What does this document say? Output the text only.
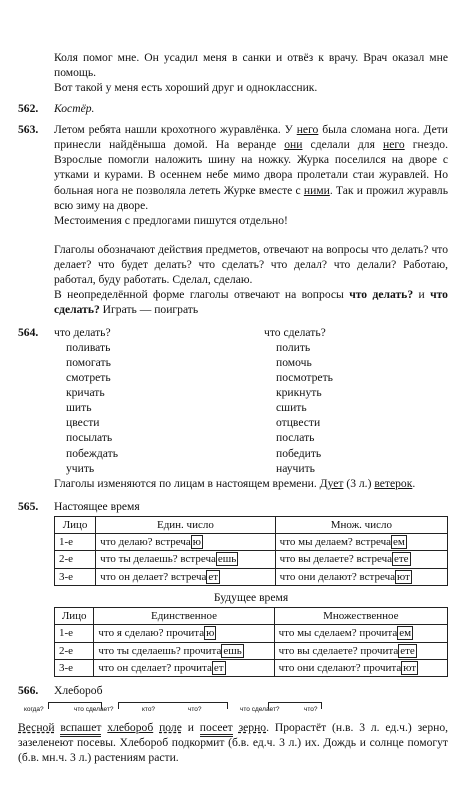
Коля помог мне. Он усадил меня в санки и отвёз к врачу. Врач оказал мне помощь.

Вот такой у меня есть хороший друг и одноклассник.

562. Костёр.
563. Летом ребята нашли крохотного журавлёнка. У него была сломана нога. Дети принесли найдёныша домой. На веранде они сделали для него гнездо. Взрослые помогли наложить шину на ножку. Журка поселился на дворе с утками и курами. В осеннем небе мимо двора пролетали стаи журавлей. Но больная нога не позволяла лететь Журке вместе с ними. Так и прожил журавль всю зиму на дворе.
Местоимения с предлогами пишутся отдельно!

Глаголы обозначают действия предметов, отвечают на вопросы что делать? что делает? что будет делать? что сделать? что делал? что делали? Работаю, работал, буду работать. Сделал, сделаю.

В неопределённой форме глаголы отвечают на вопросы что делать? и что сделать? Играть — поиграть

564. что делать?	что сделать?
поливать	полить
помогать	помочь
смотреть	посмотреть
кричать	крикнуть
шить	сшить
цвести	отцвести
посылать	послать
побеждать	победить
учить	научить
Глаголы изменяются по лицам в настоящем времени. Дует (3 л.) ветерок.
565. Настоящее время
Лицо	Един. число	Множ. число
1-е	что делаю? встреча ю	что мы делаем? встреча ем
2-е	что ты делаешь? встреча ешь	что вы делаете? встреча ете
3-е	что он делает? встреча ет	что они делают? встреча ют
Будущее время
Лицо	Единственное	Множественное
1-е	что я сделаю? прочита ю	что мы сделаем? прочита ем
2-е	что ты сделаешь? прочита ешь	что вы сделаете? прочита ете
3-е	что он сделает? прочита ет	что они сделают? прочита ют
566. Хлебороб
когда?	что сделает?	кто?	что?	что сделает?	что?

Весной вспашет хлебороб поле и посеет зерно. Прорастёт (н.в. 3 л. ед.ч.) зерно, зазеленеют посевы. Хлебороб подкормит (б.в. ед.ч. 3 л.) их. Дождь и солнце помогут (б.в. мн.ч. 3 л.) растениям расти.
